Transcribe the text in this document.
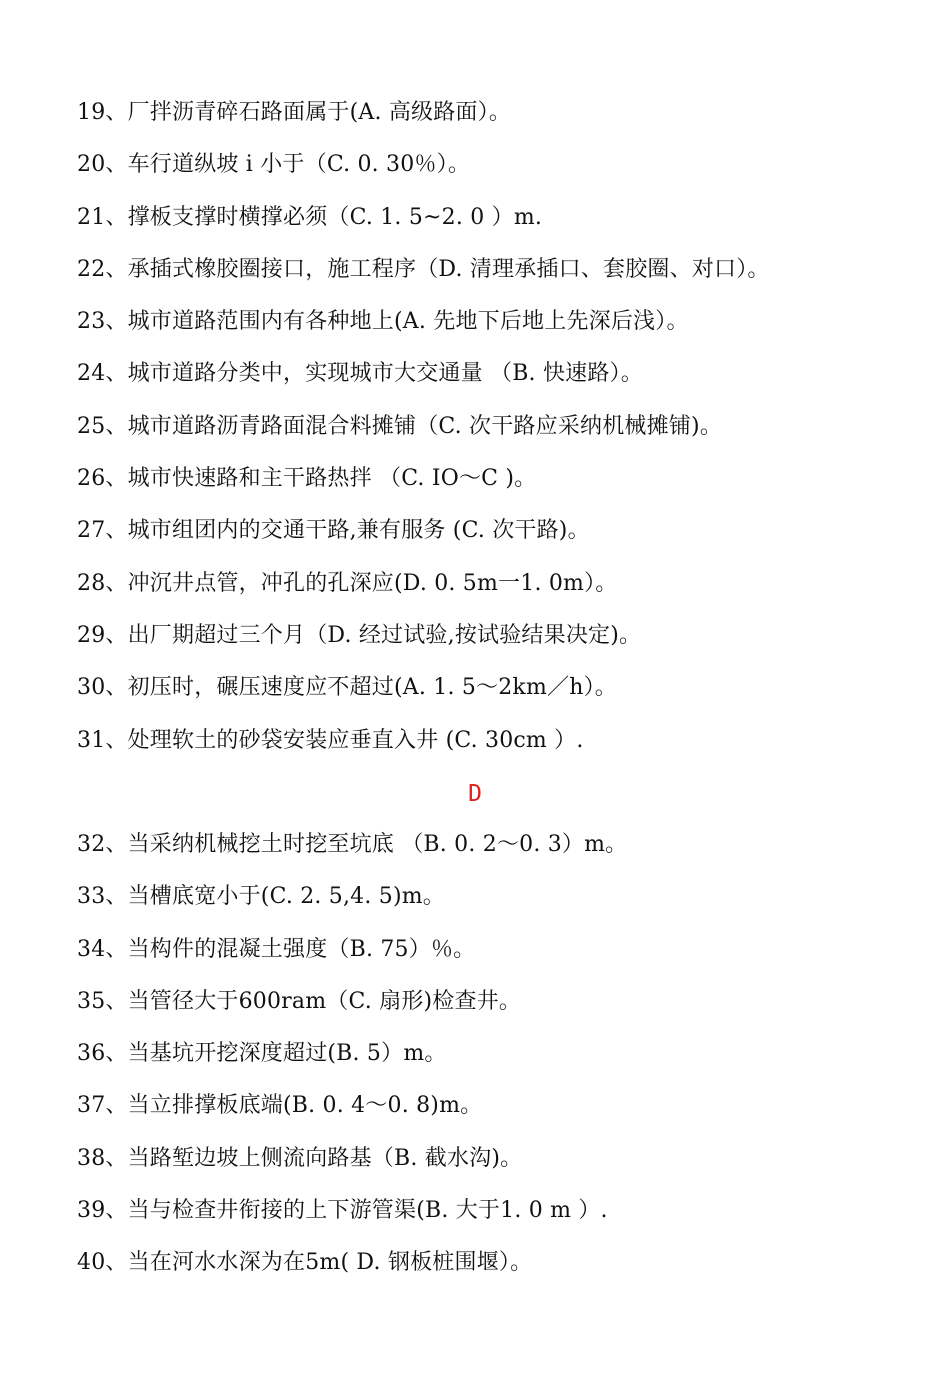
19、厂拌沥青碎石路面属于(A. 高级路面）。
20、车行道纵坡 i 小于（C. 0. 30％）。
21、撑板支撑时横撑必须（C. 1. 5~2. 0 ）m.
22、承插式橡胶圈接口，施工程序（D. 清理承插口、套胶圈、对口）。
23、城市道路范围内有各种地上(A. 先地下后地上先深后浅）。
24、城市道路分类中，实现城市大交通量 （B. 快速路）。
25、城市道路沥青路面混合料摊铺（C. 次干路应采纳机械摊铺)。
26、城市快速路和主干路热拌 （C. IO～C )。
27、城市组团内的交通干路,兼有服务 (C. 次干路)。
28、冲沉井点管，冲孔的孔深应(D. 0. 5m一1. 0m）。
29、出厂期超过三个月（D. 经过试验,按试验结果决定)。
30、初压时，碾压速度应不超过(A. 1. 5～2km／h）。
31、处理软土的砂袋安装应垂直入井 (C. 30cm ）.
D
32、当采纳机械挖土时挖至坑底 （B. 0. 2～0. 3）m。
33、当槽底宽小于(C. 2. 5,4. 5)m。
34、当构件的混凝土强度（B. 75）％。
35、当管径大于600ram（C. 扇形)检查井。
36、当基坑开挖深度超过(B. 5）m。
37、当立排撑板底端(B. 0. 4～0. 8)m。
38、当路堑边坡上侧流向路基（B. 截水沟)。
39、当与检查井衔接的上下游管渠(B. 大于1. 0 m ）.
40、当在河水水深为在5m( D. 钢板桩围堰）。
